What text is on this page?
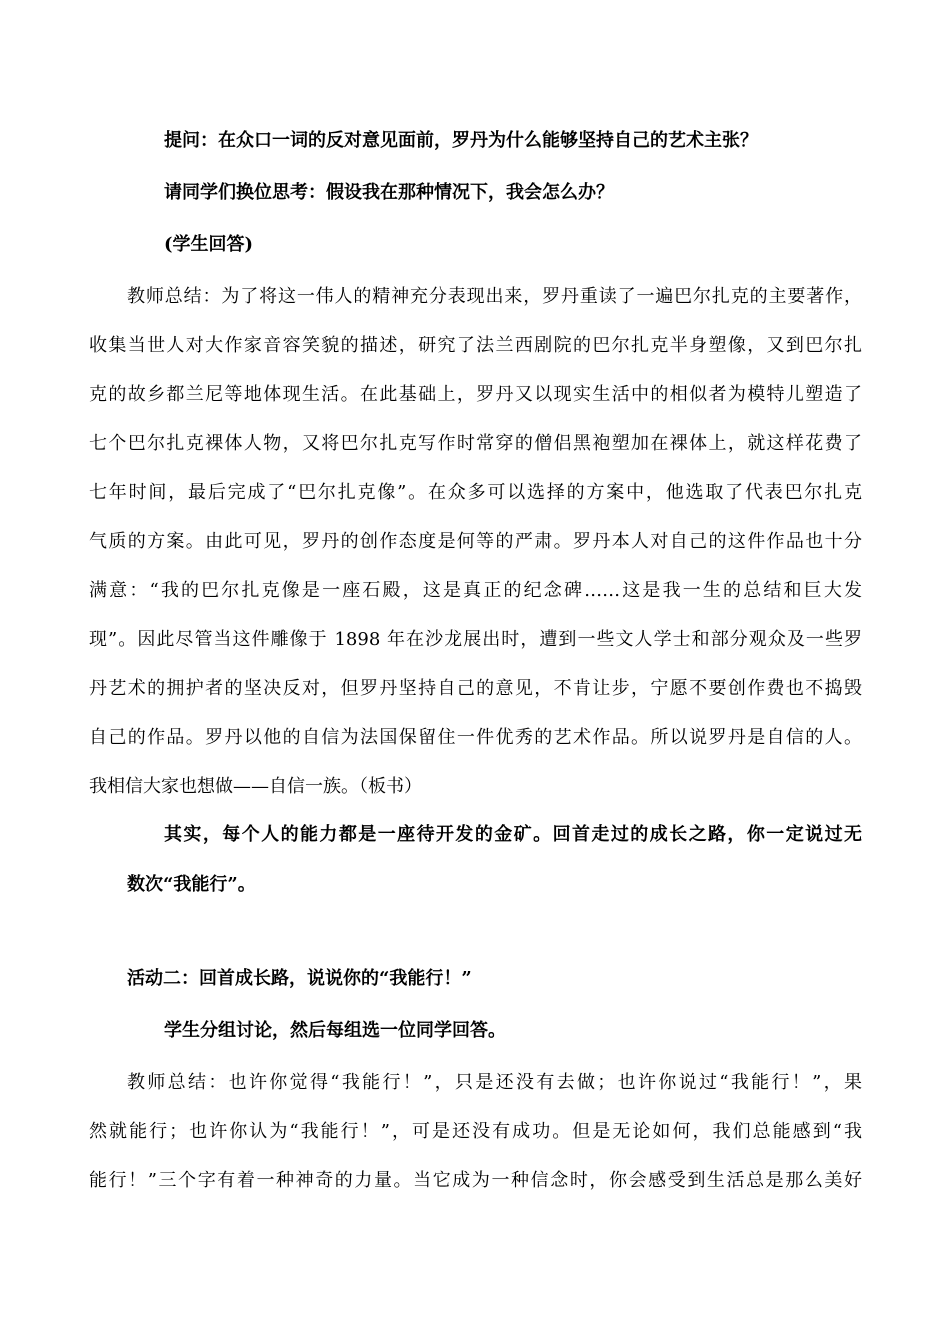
提问：在众口一词的反对意见面前，罗丹为什么能够坚持自己的艺术主张？

请同学们换位思考：假设我在那种情况下，我会怎么办？

(学生回答)

教师总结：为了将这一伟人的精神充分表现出来，罗丹重读了一遍巴尔扎克的主要著作，

收集当世人对大作家音容笑貌的描述，研究了法兰西剧院的巴尔扎克半身塑像，又到巴尔扎

克的故乡都兰尼等地体现生活。在此基础上，罗丹又以现实生活中的相似者为模特儿塑造了

七个巴尔扎克裸体人物，又将巴尔扎克写作时常穿的僧侣黑袍塑加在裸体上，就这样花费了

七年时间，最后完成了“巴尔扎克像”。在众多可以选择的方案中，他选取了代表巴尔扎克

气质的方案。由此可见，罗丹的创作态度是何等的严肃。罗丹本人对自己的这件作品也十分

满意：“我的巴尔扎克像是一座石殿，这是真正的纪念碑……这是我一生的总结和巨大发

现”。因此尽管当这件雕像于 1898 年在沙龙展出时，遭到一些文人学士和部分观众及一些罗

丹艺术的拥护者的坚决反对，但罗丹坚持自己的意见，不肯让步，宁愿不要创作费也不捣毁

自己的作品。罗丹以他的自信为法国保留住一件优秀的艺术作品。所以说罗丹是自信的人。

我相信大家也想做——自信一族。（板书）

其实，每个人的能力都是一座待开发的金矿。回首走过的成长之路，你一定说过无

数次“我能行”。

活动二：回首成长路，说说你的“我能行！”

学生分组讨论，然后每组选一位同学回答。

教师总结：也许你觉得“我能行！”，只是还没有去做；也许你说过“我能行！”，果

然就能行；也许你认为“我能行！”，可是还没有成功。但是无论如何，我们总能感到“我

能行！”三个字有着一种神奇的力量。当它成为一种信念时，你会感受到生活总是那么美好
